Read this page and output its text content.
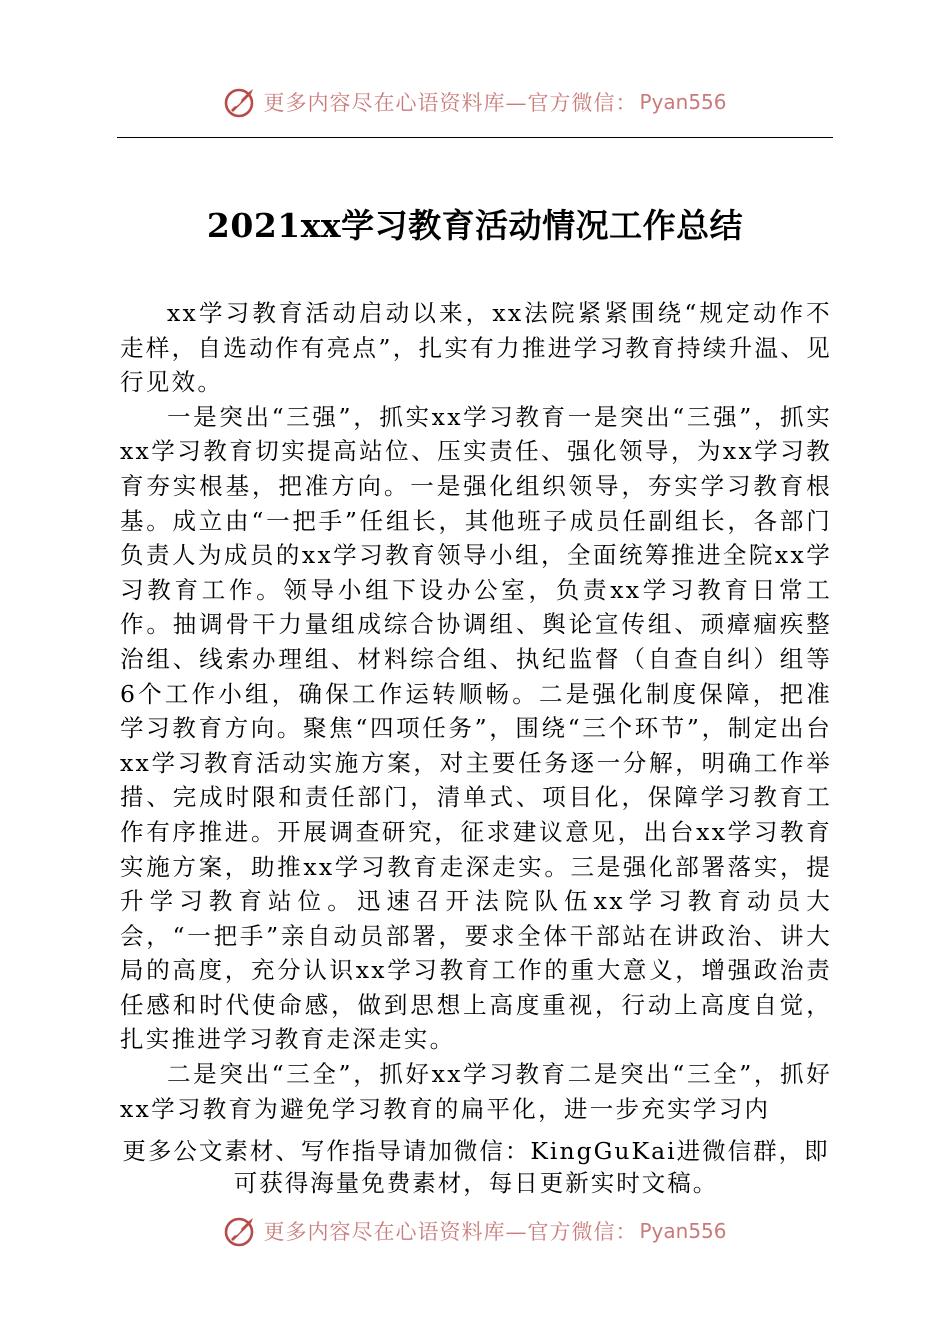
更多内容尽在心语资料库—官方微信： Pyan556
2021xx学习教育活动情况工作总结

xx学习教育活动启动以来，xx法院紧紧围绕“规定动作不走样，自选动作有亮点”，扎实有力推进学习教育持续升温、见行见效。

一是突出“三强”，抓实xx学习教育一是突出“三强”，抓实xx学习教育切实提高站位、压实责任、强化领导，为xx学习教育夯实根基，把准方向。一是强化组织领导，夯实学习教育根基。成立由“一把手”任组长，其他班子成员任副组长，各部门负责人为成员的xx学习教育领导小组，全面统筹推进全院xx学习教育工作。领导小组下设办公室，负责xx学习教育日常工作。抽调骨干力量组成综合协调组、舆论宣传组、顽瘴痼疾整治组、线索办理组、材料综合组、执纪监督（自查自纠）组等6个工作小组，确保工作运转顺畅。二是强化制度保障，把准学习教育方向。聚焦“四项任务”，围绕“三个环节”，制定出台xx学习教育活动实施方案，对主要任务逐一分解，明确工作举措、完成时限和责任部门，清单式、项目化，保障学习教育工作有序推进。开展调查研究，征求建议意见，出台xx学习教育实施方案，助推xx学习教育走深走实。三是强化部署落实，提升学习教育站位。迅速召开法院队伍xx学习教育动员大会，“一把手”亲自动员部署，要求全体干部站在讲政治、讲大局的高度，充分认识xx学习教育工作的重大意义，增强政治责任感和时代使命感，做到思想上高度重视，行动上高度自觉，扎实推进学习教育走深走实。

二是突出“三全”，抓好xx学习教育二是突出“三全”，抓好xx学习教育为避免学习教育的扁平化，进一步充实学习内

更多公文素材、写作指导请加微信：KingGuKai进微信群，即可获得海量免费素材，每日更新实时文稿。
更多内容尽在心语资料库—官方微信： Pyan556
